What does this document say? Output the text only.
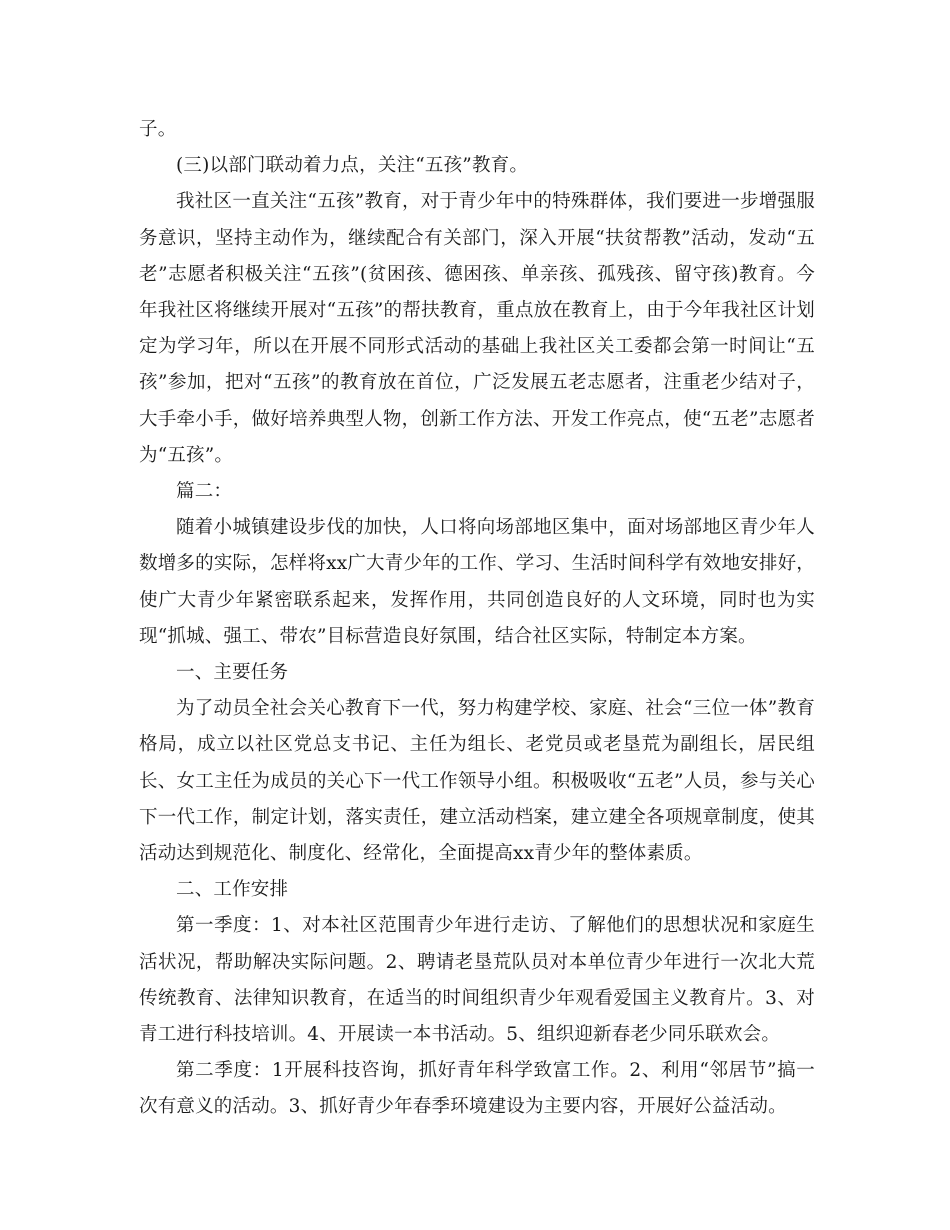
子。

(三)以部门联动着力点，关注“五孩”教育。

我社区一直关注“五孩”教育，对于青少年中的特殊群体，我们要进一步增强服务意识，坚持主动作为，继续配合有关部门，深入开展“扶贫帮教”活动，发动“五老”志愿者积极关注“五孩”(贫困孩、德困孩、单亲孩、孤残孩、留守孩)教育。今年我社区将继续开展对“五孩”的帮扶教育，重点放在教育上，由于今年我社区计划定为学习年，所以在开展不同形式活动的基础上我社区关工委都会第一时间让“五孩”参加，把对“五孩”的教育放在首位，广泛发展五老志愿者，注重老少结对子，大手牵小手，做好培养典型人物，创新工作方法、开发工作亮点，使“五老”志愿者为“五孩”。

篇二：

随着小城镇建设步伐的加快，人口将向场部地区集中，面对场部地区青少年人数增多的实际，怎样将xx广大青少年的工作、学习、生活时间科学有效地安排好，使广大青少年紧密联系起来，发挥作用，共同创造良好的人文环境，同时也为实现“抓城、强工、带农”目标营造良好氛围，结合社区实际，特制定本方案。

一、主要任务

为了动员全社会关心教育下一代，努力构建学校、家庭、社会“三位一体”教育格局，成立以社区党总支书记、主任为组长、老党员或老垦荒为副组长，居民组长、女工主任为成员的关心下一代工作领导小组。积极吸收“五老”人员，参与关心下一代工作，制定计划，落实责任，建立活动档案，建立建全各项规章制度，使其活动达到规范化、制度化、经常化，全面提高xx青少年的整体素质。

二、工作安排

第一季度：1、对本社区范围青少年进行走访、了解他们的思想状况和家庭生活状况，帮助解决实际问题。2、聘请老垦荒队员对本单位青少年进行一次北大荒传统教育、法律知识教育，在适当的时间组织青少年观看爱国主义教育片。3、对青工进行科技培训。4、开展读一本书活动。5、组织迎新春老少同乐联欢会。

第二季度：1开展科技咨询，抓好青年科学致富工作。2、利用“邻居节”搞一次有意义的活动。3、抓好青少年春季环境建设为主要内容，开展好公益活动。
